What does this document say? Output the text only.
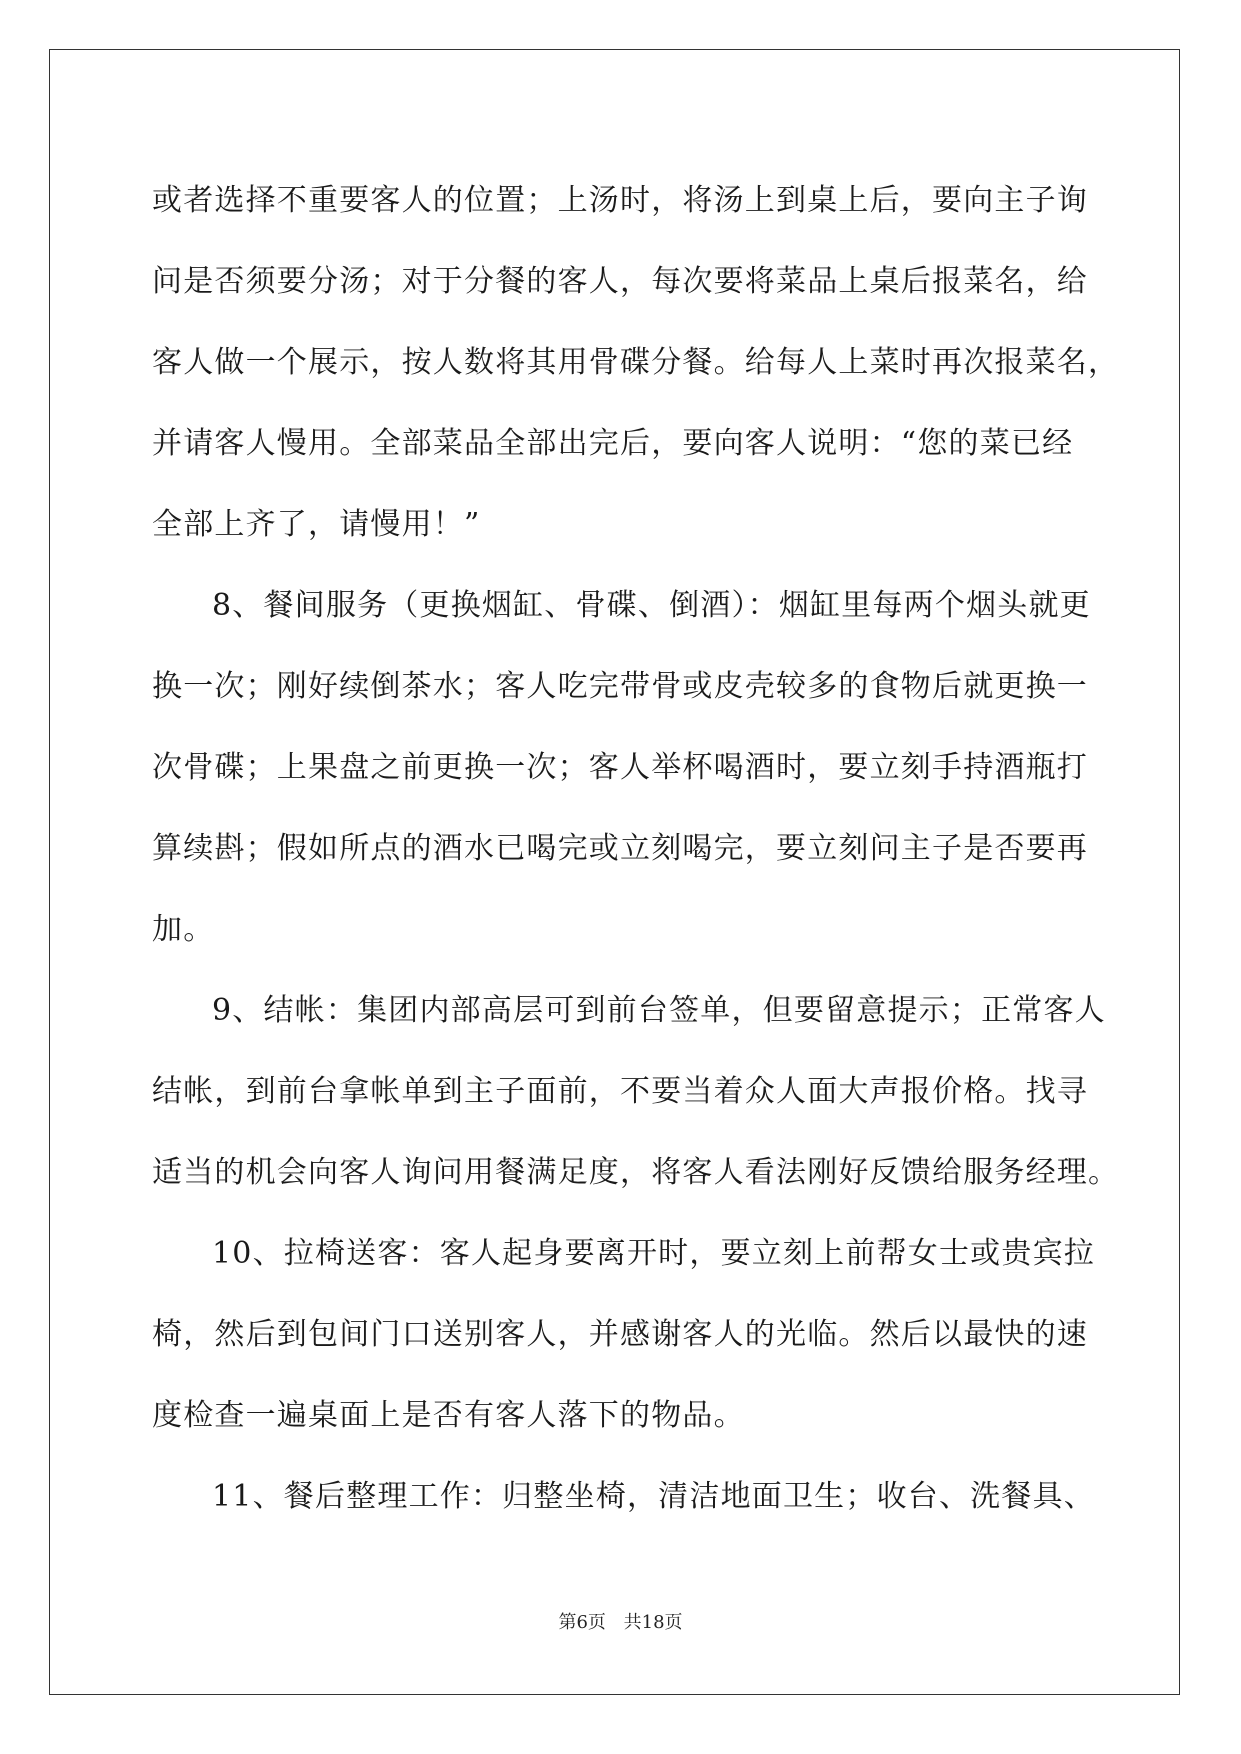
或者选择不重要客人的位置；上汤时，将汤上到桌上后，要向主子询
问是否须要分汤；对于分餐的客人，每次要将菜品上桌后报菜名，给
客人做一个展示，按人数将其用骨碟分餐。给每人上菜时再次报菜名，
并请客人慢用。全部菜品全部出完后，要向客人说明：“您的菜已经
全部上齐了，请慢用！”
8、餐间服务（更换烟缸、骨碟、倒酒）：烟缸里每两个烟头就更
换一次；刚好续倒茶水；客人吃完带骨或皮壳较多的食物后就更换一
次骨碟；上果盘之前更换一次；客人举杯喝酒时，要立刻手持酒瓶打
算续斟；假如所点的酒水已喝完或立刻喝完，要立刻问主子是否要再
加。
9、结帐：集团内部高层可到前台签单，但要留意提示；正常客人
结帐，到前台拿帐单到主子面前，不要当着众人面大声报价格。找寻
适当的机会向客人询问用餐满足度，将客人看法刚好反馈给服务经理。
10、拉椅送客：客人起身要离开时，要立刻上前帮女士或贵宾拉
椅，然后到包间门口送别客人，并感谢客人的光临。然后以最快的速
度检查一遍桌面上是否有客人落下的物品。
11、餐后整理工作：归整坐椅，清洁地面卫生；收台、洗餐具、
第6页 共18页
